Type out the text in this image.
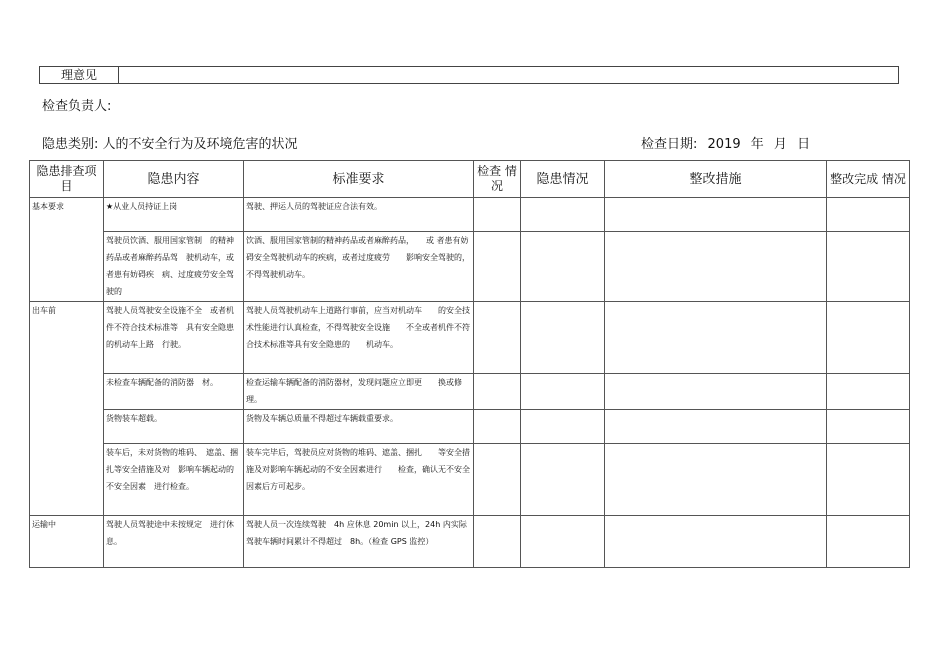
理意见
检查负责人:
隐患类别: 人的不安全行为及环境危害的状况	检查日期: 2019 年 月 日
隐患排查项目	隐患内容	标准要求	检查 情况	隐患情况	整改措施	整改完成 情况
基本要求	★从业人员持证上岗	驾驶、押运人员的驾驶证应合法有效。				
	驾驶员饮酒、服用国家管制　的精神药品或者麻醉药品驾　驶机动车，或者患有妨碍疾　病、过度疲劳安全驾驶的	饮酒、服用国家管制的精神药品或者麻醉药品，　　或 者患有妨碍安全驾驶机动车的疾病，或者过度疲劳　　影响安全驾驶的，不得驾驶机动车。				
出车前	驾驶人员驾驶安全设施不全　或者机件不符合技术标准等　具有安全隐患的机动车上路　行驶。	驾驶人员驾驶机动车上道路行事前，应当对机动车　　的安全技术性能进行认真检查，不得驾驶安全设施　　不全或者机件不符合技术标准等具有安全隐患的　　机动车。				
	未检查车辆配备的消防器　材。	检查运输车辆配备的消防器材，发现问题应立即更　　换或修理。				
	货物装车超载。	货物及车辆总质量不得超过车辆载重要求。				
	装车后，未对货物的堆码、　遮盖、捆扎等安全措施及对　影响车辆起动的不安全因素　进行检查。	装车完毕后，驾驶员应对货物的堆码、遮盖、捆扎　　等安全措施及对影响车辆起动的不安全因素进行　　检查，确认无不安全因素后方可起步。				
运输中	驾驶人员驾驶途中未按规定　进行休息。	驾驶人员一次连续驾驶　4h 应休息 20min 以上，24h 内实际驾驶车辆时间累计不得超过　8h。（检查 GPS 监控）				
